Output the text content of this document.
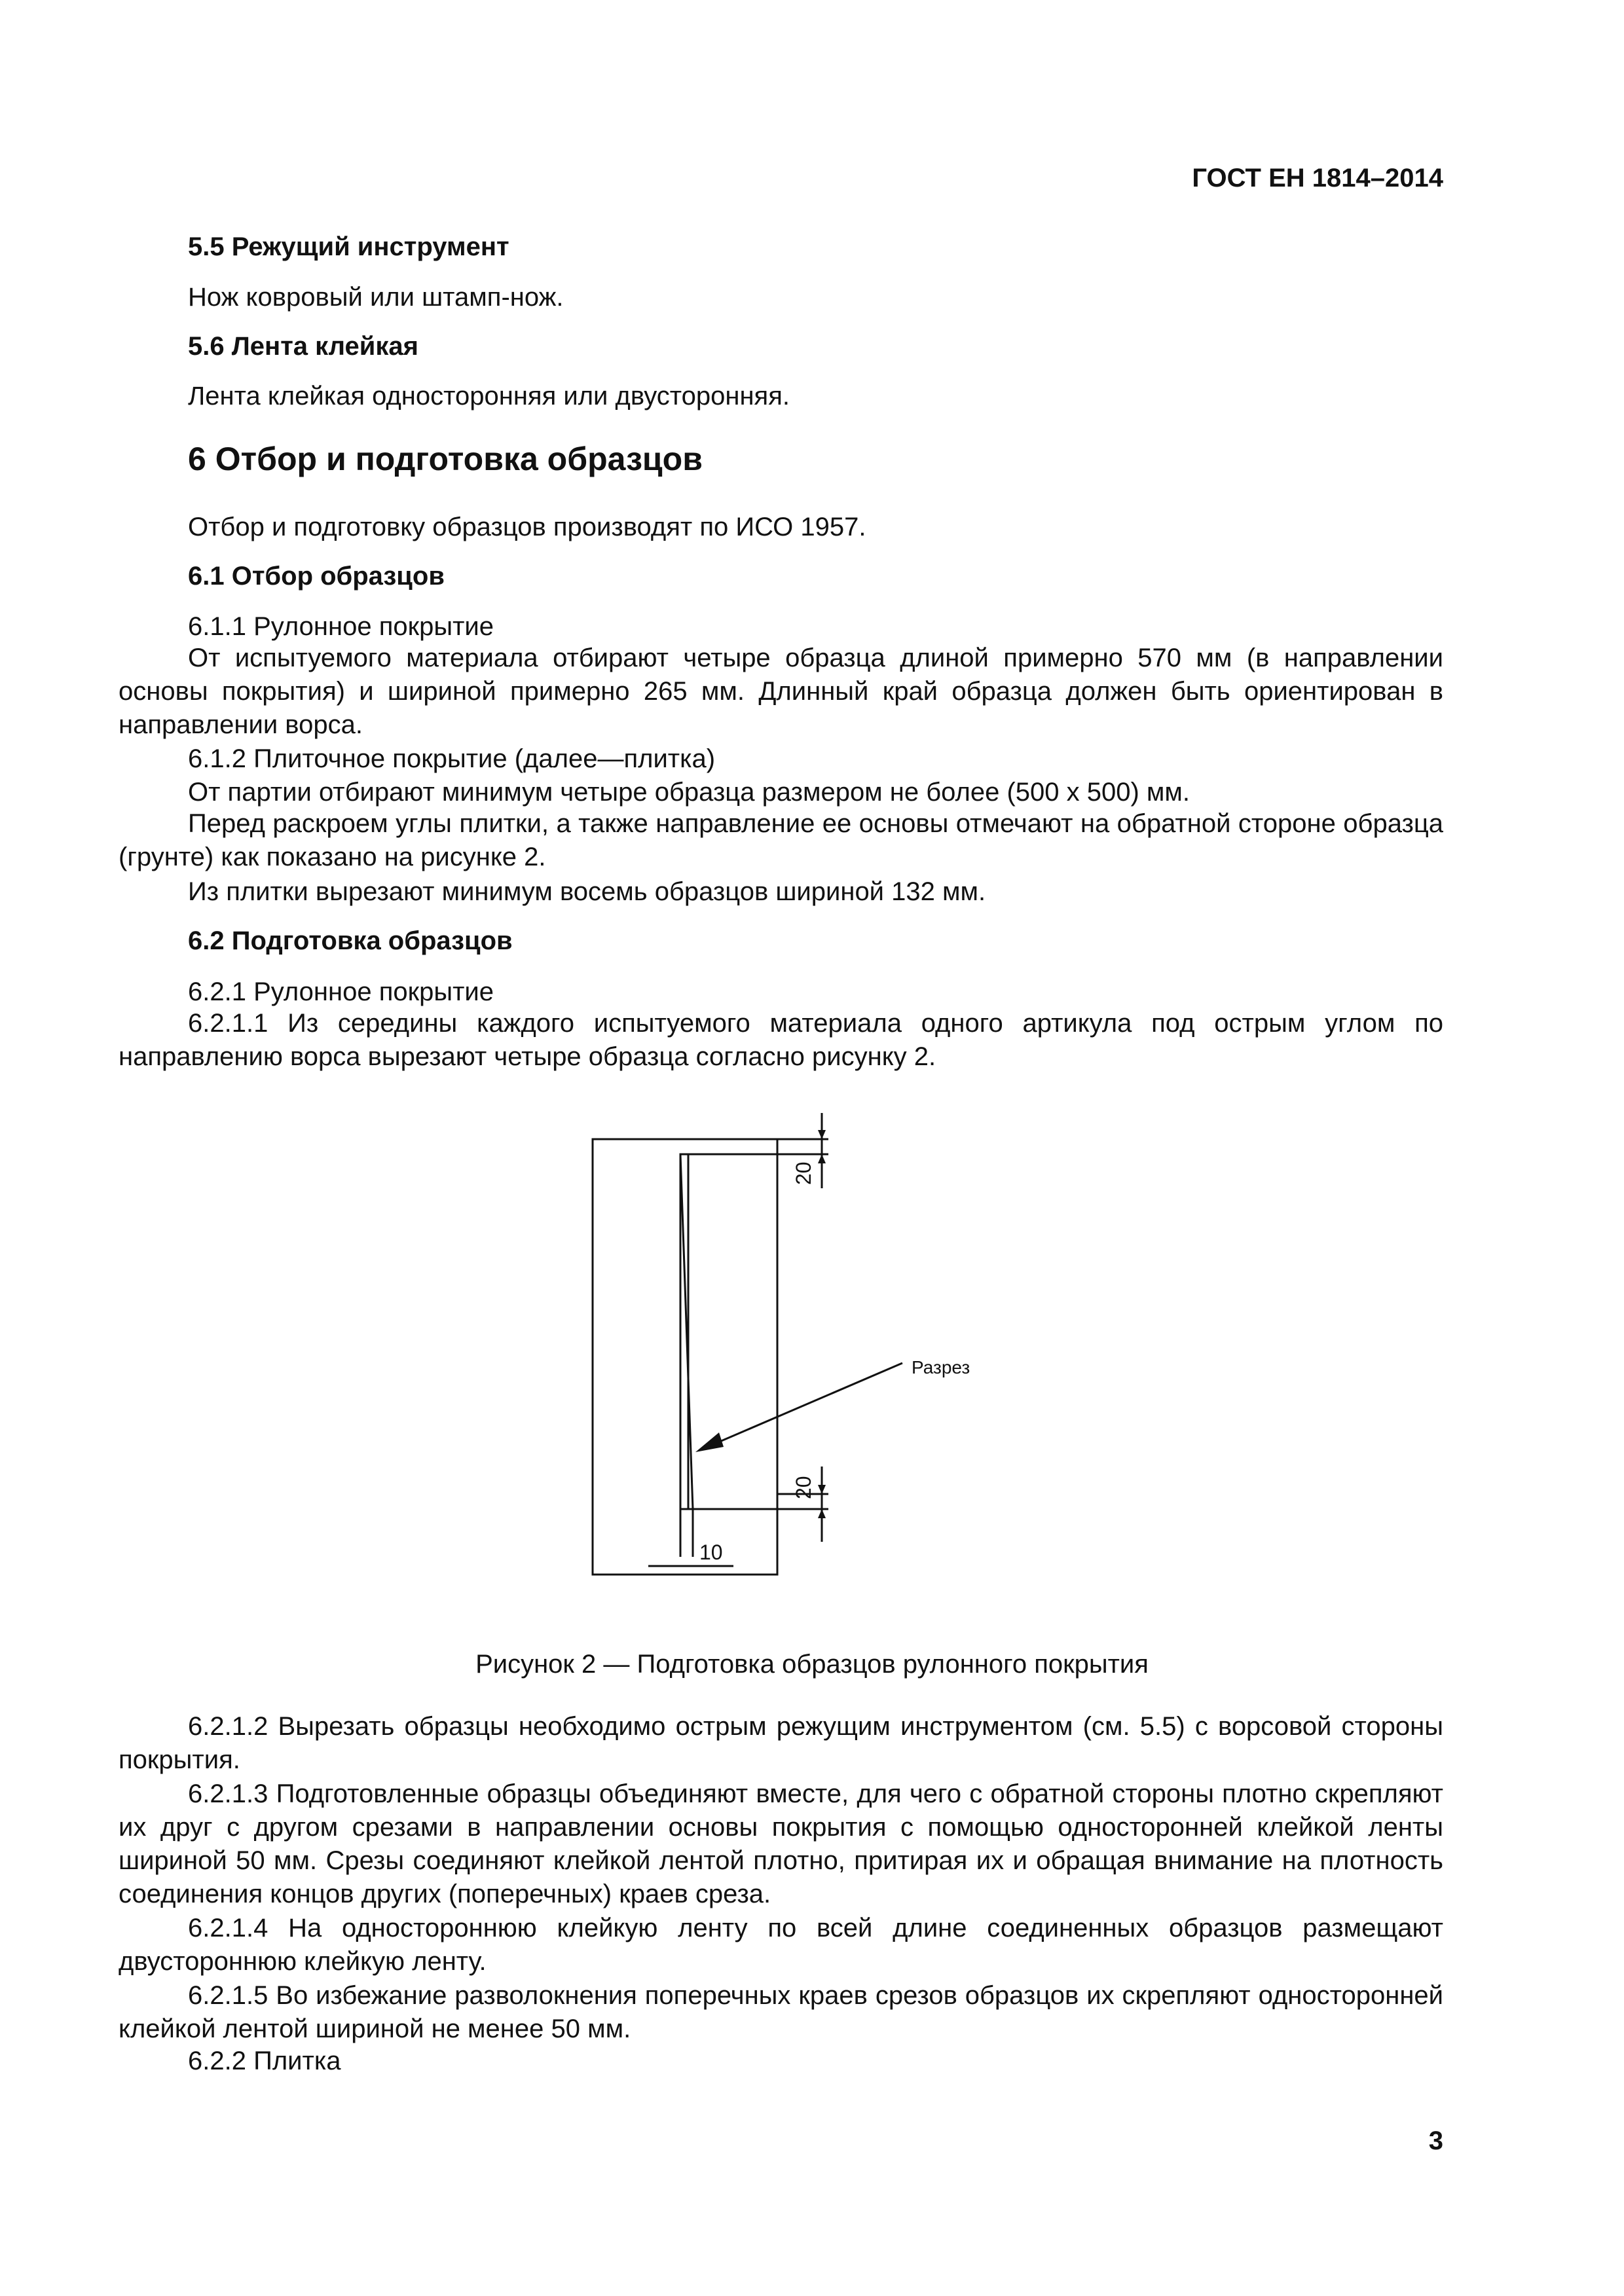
ГОСТ ЕН 1814–2014
5.5 Режущий инструмент
Нож ковровый или штамп-нож.
5.6 Лента клейкая
Лента клейкая односторонняя или двусторонняя.
6 Отбор и подготовка образцов
Отбор и подготовку образцов производят по ИСО 1957.
6.1 Отбор образцов
6.1.1 Рулонное покрытие
От испытуемого материала отбирают четыре образца длиной примерно 570 мм (в направлении основы покрытия) и шириной примерно 265 мм. Длинный край образца должен быть ориентирован в направлении ворса.
6.1.2 Плиточное покрытие (далее—плитка)
От партии отбирают минимум четыре образца размером не более (500 х 500) мм.
Перед раскроем углы плитки, а также направление ее основы отмечают на обратной стороне образца (грунте) как показано на рисунке 2.
Из плитки вырезают минимум восемь образцов шириной 132 мм.
6.2 Подготовка образцов
6.2.1 Рулонное покрытие
6.2.1.1 Из середины каждого испытуемого материала одного артикула под острым углом по направлению ворса вырезают четыре образца согласно рисунку 2.
Разрез
20
20
10
Рисунок 2 — Подготовка образцов рулонного покрытия
6.2.1.2 Вырезать образцы необходимо острым режущим инструментом (см. 5.5) с ворсовой стороны покрытия.
6.2.1.3 Подготовленные образцы объединяют вместе, для чего с обратной стороны плотно скрепляют их друг с другом срезами в направлении основы покрытия с помощью односторонней клейкой ленты шириной 50 мм. Срезы соединяют клейкой лентой плотно, притирая их и обращая внимание на плотность соединения концов других (поперечных) краев среза.
6.2.1.4 На одностороннюю клейкую ленту по всей длине соединенных образцов размещают двустороннюю клейкую ленту.
6.2.1.5 Во избежание разволокнения поперечных краев срезов образцов их скрепляют односторонней клейкой лентой шириной не менее 50 мм.
6.2.2 Плитка
3
